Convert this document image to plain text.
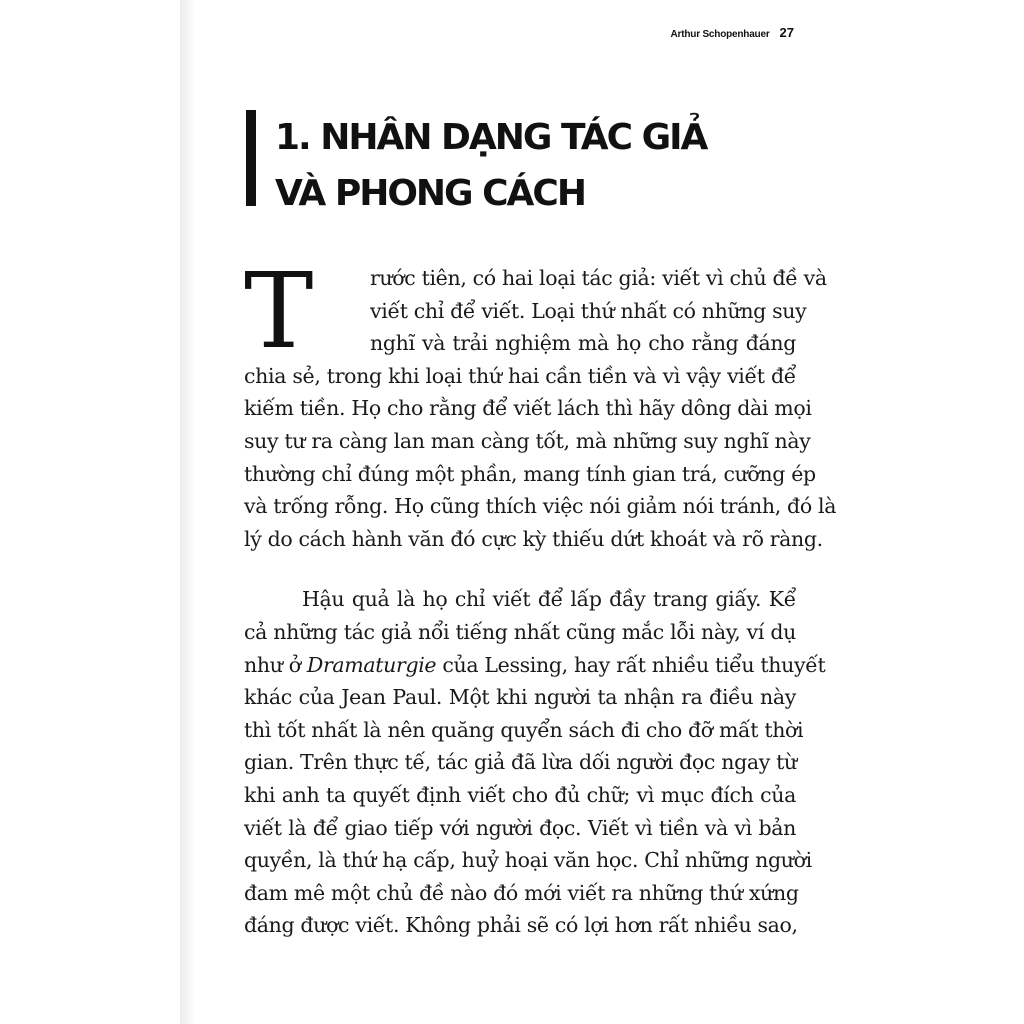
Arthur Schopenhauer 27
1. NHÂN DẠNG TÁC GIẢ
VÀ PHONG CÁCH
T	rước tiên, có hai loại tác giả: viết vì chủ đề và
viết chỉ để viết. Loại thứ nhất có những suy
nghĩ và trải nghiệm mà họ cho rằng đáng
chia sẻ, trong khi loại thứ hai cần tiền và vì vậy viết để
kiếm tiền. Họ cho rằng để viết lách thì hãy dông dài mọi
suy tư ra càng lan man càng tốt, mà những suy nghĩ này
thường chỉ đúng một phần, mang tính gian trá, cưỡng ép
và trống rỗng. Họ cũng thích việc nói giảm nói tránh, đó là
lý do cách hành văn đó cực kỳ thiếu dứt khoát và rõ ràng.
Hậu quả là họ chỉ viết để lấp đầy trang giấy. Kể
cả những tác giả nổi tiếng nhất cũng mắc lỗi này, ví dụ
như ở Dramaturgie của Lessing, hay rất nhiều tiểu thuyết
khác của Jean Paul. Một khi người ta nhận ra điều này
thì tốt nhất là nên quăng quyển sách đi cho đỡ mất thời
gian. Trên thực tế, tác giả đã lừa dối người đọc ngay từ
khi anh ta quyết định viết cho đủ chữ; vì mục đích của
viết là để giao tiếp với người đọc. Viết vì tiền và vì bản
quyền, là thứ hạ cấp, huỷ hoại văn học. Chỉ những người
đam mê một chủ đề nào đó mới viết ra những thứ xứng
đáng được viết. Không phải sẽ có lợi hơn rất nhiều sao,
